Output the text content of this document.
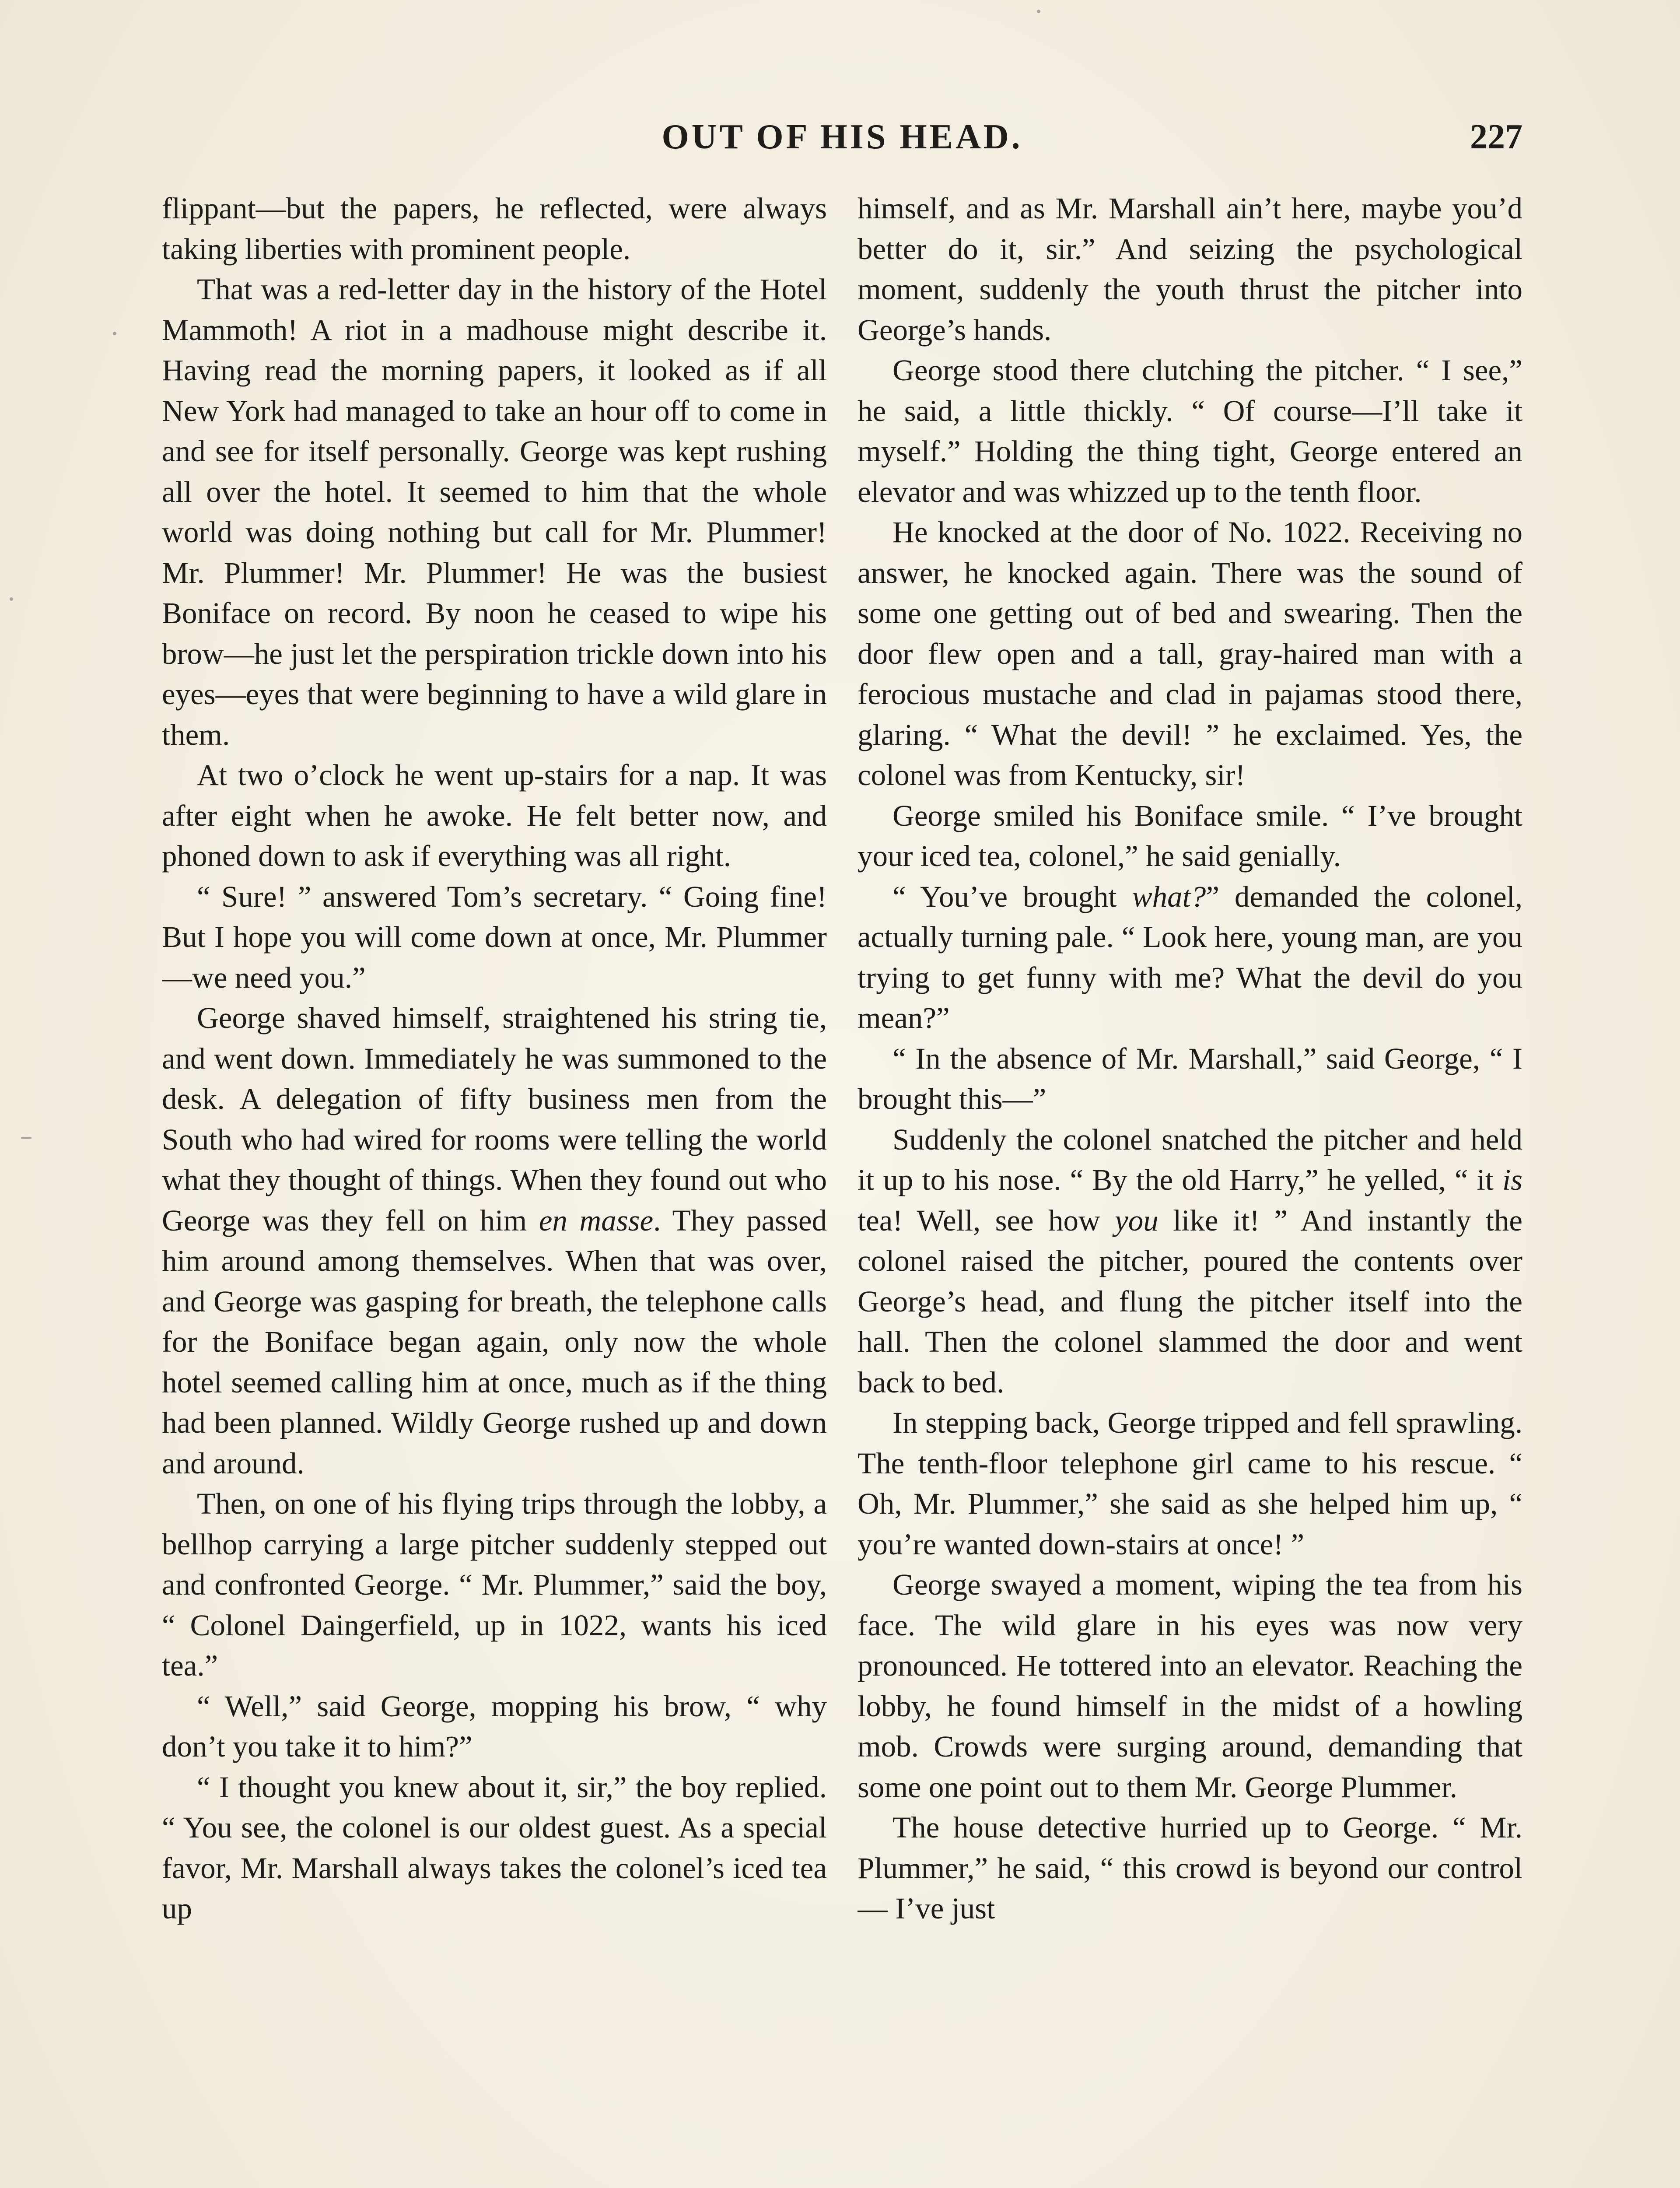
OUT OF HIS HEAD.	227

flippant—but the papers, he reflected, were always taking liberties with prominent people.

That was a red-letter day in the history of the Hotel Mammoth! A riot in a madhouse might describe it. Having read the morning papers, it looked as if all New York had managed to take an hour off to come in and see for itself personally. George was kept rushing all over the hotel. It seemed to him that the whole world was doing nothing but call for Mr. Plummer! Mr. Plummer! Mr. Plummer! He was the busiest Boniface on record. By noon he ceased to wipe his brow—he just let the perspiration trickle down into his eyes—eyes that were beginning to have a wild glare in them.

At two o’clock he went up-stairs for a nap. It was after eight when he awoke. He felt better now, and phoned down to ask if everything was all right.

“ Sure! ” answered Tom’s secretary. “ Going fine! But I hope you will come down at once, Mr. Plummer—we need you.”

George shaved himself, straightened his string tie, and went down. Immediately he was summoned to the desk. A delegation of fifty business men from the South who had wired for rooms were telling the world what they thought of things. When they found out who George was they fell on him en masse. They passed him around among themselves. When that was over, and George was gasping for breath, the telephone calls for the Boniface began again, only now the whole hotel seemed calling him at once, much as if the thing had been planned. Wildly George rushed up and down and around.

Then, on one of his flying trips through the lobby, a bellhop carrying a large pitcher suddenly stepped out and confronted George. “ Mr. Plummer,” said the boy, “ Colonel Daingerfield, up in 1022, wants his iced tea.”

“ Well,” said George, mopping his brow, “ why don’t you take it to him?”

“ I thought you knew about it, sir,” the boy replied. “ You see, the colonel is our oldest guest. As a special favor, Mr. Marshall always takes the colonel’s iced tea up

himself, and as Mr. Marshall ain’t here, maybe you’d better do it, sir.” And seizing the psychological moment, suddenly the youth thrust the pitcher into George’s hands.

George stood there clutching the pitcher. “ I see,” he said, a little thickly. “ Of course—I’ll take it myself.” Holding the thing tight, George entered an elevator and was whizzed up to the tenth floor.

He knocked at the door of No. 1022. Receiving no answer, he knocked again. There was the sound of some one getting out of bed and swearing. Then the door flew open and a tall, gray-haired man with a ferocious mustache and clad in pajamas stood there, glaring. “ What the devil! ” he exclaimed. Yes, the colonel was from Kentucky, sir!

George smiled his Boniface smile. “ I’ve brought your iced tea, colonel,” he said genially.

“ You’ve brought what?” demanded the colonel, actually turning pale. “ Look here, young man, are you trying to get funny with me? What the devil do you mean?”

“ In the absence of Mr. Marshall,” said George, “ I brought this—”

Suddenly the colonel snatched the pitcher and held it up to his nose. “ By the old Harry,” he yelled, “ it is tea! Well, see how you like it! ” And instantly the colonel raised the pitcher, poured the contents over George’s head, and flung the pitcher itself into the hall. Then the colonel slammed the door and went back to bed.

In stepping back, George tripped and fell sprawling. The tenth-floor telephone girl came to his rescue. “ Oh, Mr. Plummer,” she said as she helped him up, “ you’re wanted down-stairs at once! ”

George swayed a moment, wiping the tea from his face. The wild glare in his eyes was now very pronounced. He tottered into an elevator. Reaching the lobby, he found himself in the midst of a howling mob. Crowds were surging around, demanding that some one point out to them Mr. George Plummer.

The house detective hurried up to George. “ Mr. Plummer,” he said, “ this crowd is beyond our control — I’ve just
